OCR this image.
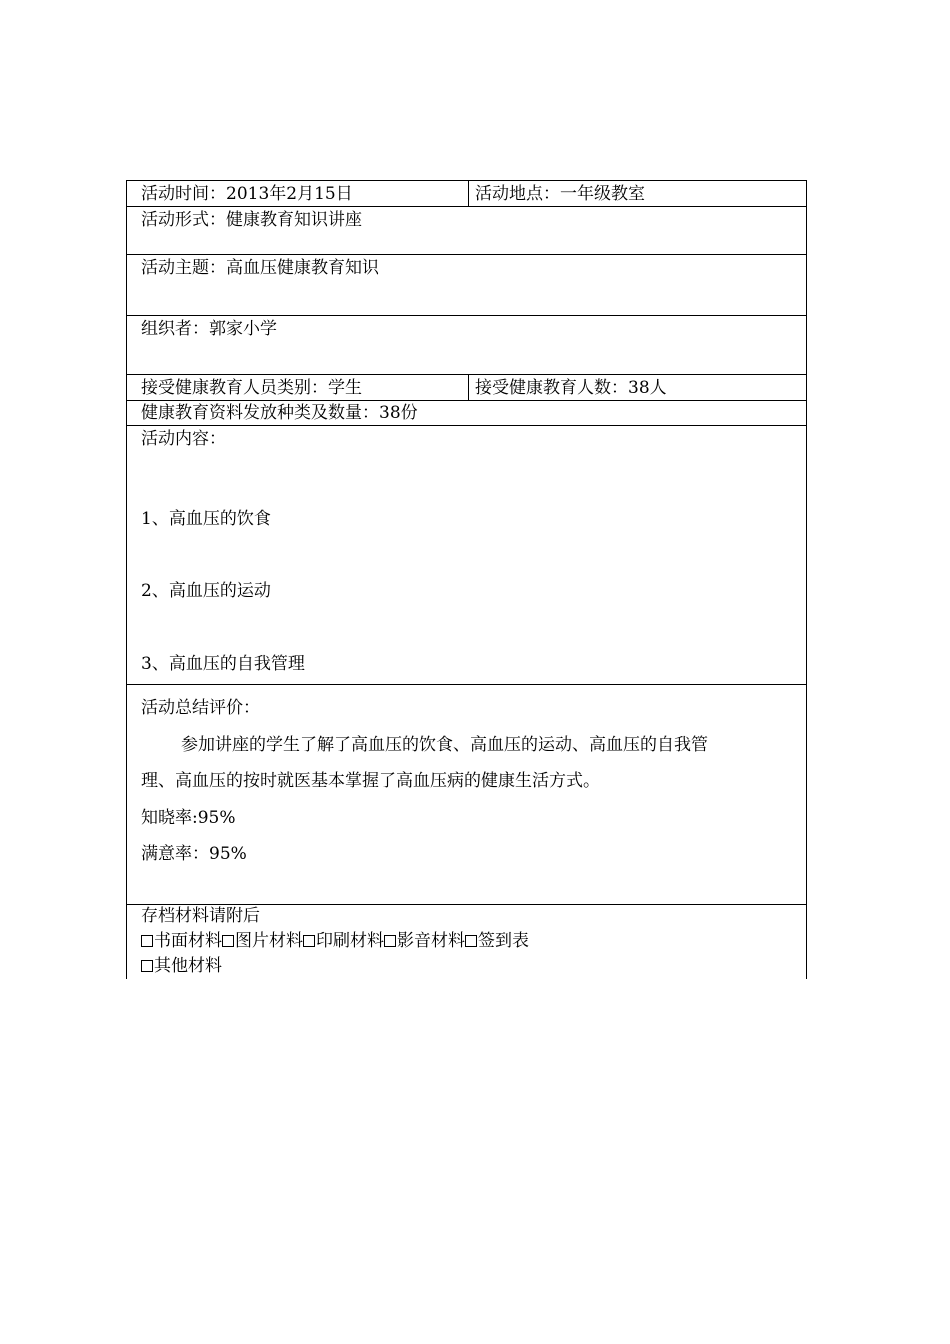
活动时间：2013年2月15日	活动地点：一年级教室
活动形式：健康教育知识讲座
活动主题：高血压健康教育知识
组织者：郭家小学
接受健康教育人员类别：学生	接受健康教育人数：38人
健康教育资料发放种类及数量：38份
活动内容：
1、高血压的饮食
2、高血压的运动
3、高血压的自我管理
活动总结评价：
参加讲座的学生了解了高血压的饮食、高血压的运动、高血压的自我管
理、高血压的按时就医基本掌握了高血压病的健康生活方式。
知晓率:95%
满意率：95%
存档材料请附后
书面材料 图片材料 印刷材料 影音材料 签到表
其他材料
